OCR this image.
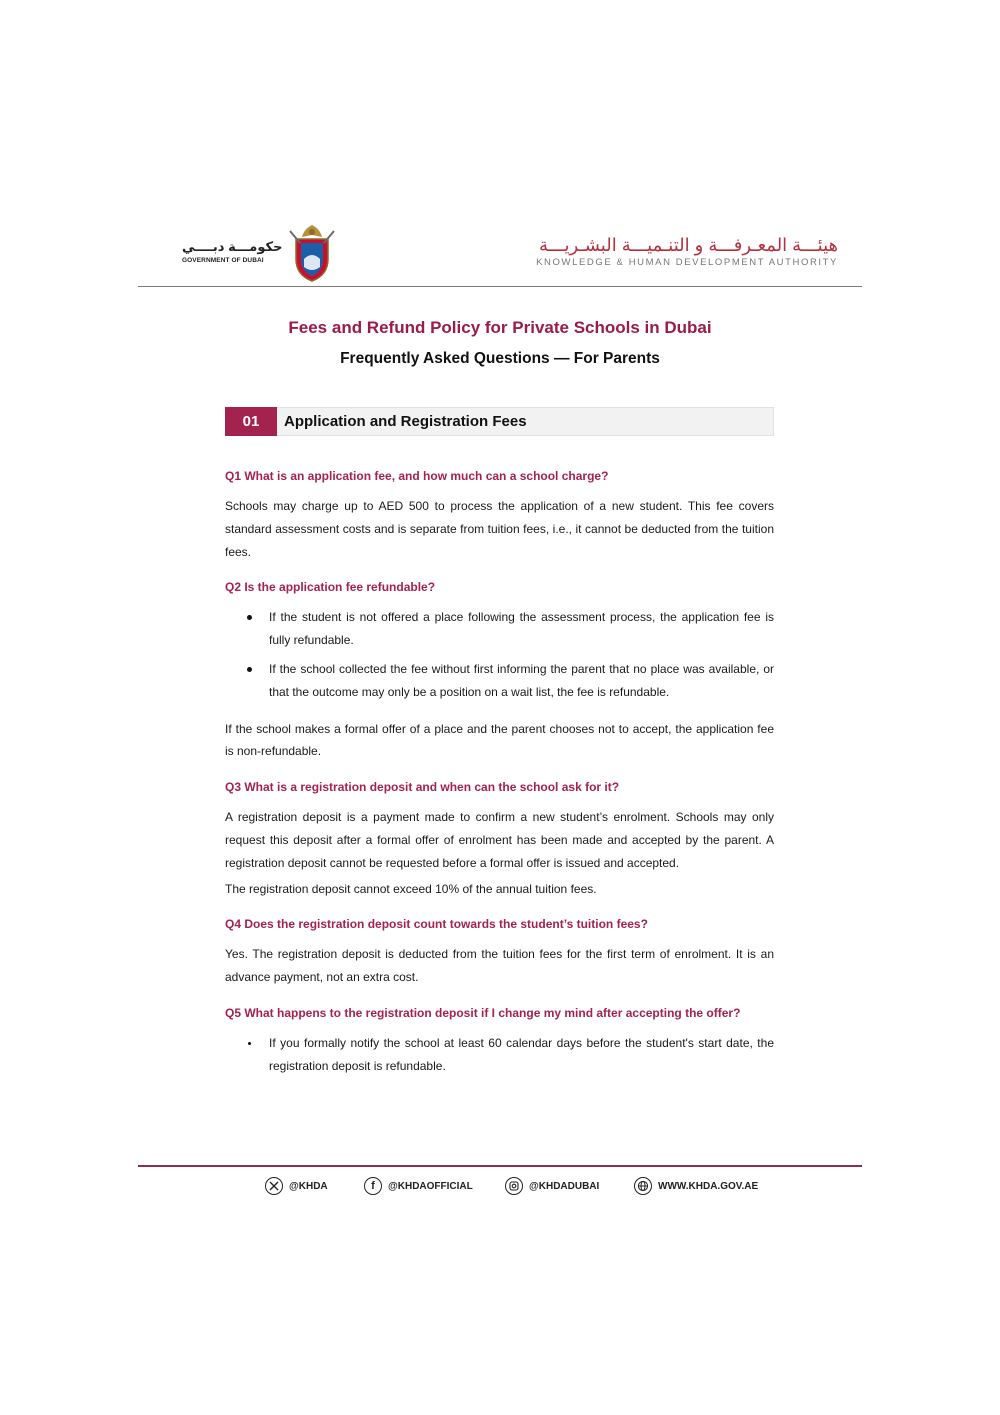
حكومـــة دبــــي
GOVERNMENT OF DUBAI
هيئـــة المعـرفـــة و التنـميـــة البشـريـــة
KNOWLEDGE & HUMAN DEVELOPMENT AUTHORITY
Fees and Refund Policy for Private Schools in Dubai
Frequently Asked Questions — For Parents
01	Application and Registration Fees
Q1 What is an application fee, and how much can a school charge?
Schools may charge up to AED 500 to process the application of a new student. This fee covers standard assessment costs and is separate from tuition fees, i.e., it cannot be deducted from the tuition fees.
Q2 Is the application fee refundable?
If the student is not offered a place following the assessment process, the application fee is fully refundable.
If the school collected the fee without first informing the parent that no place was available, or that the outcome may only be a position on a wait list, the fee is refundable.
If the school makes a formal offer of a place and the parent chooses not to accept, the application fee is non-refundable.
Q3 What is a registration deposit and when can the school ask for it?
A registration deposit is a payment made to confirm a new student’s enrolment. Schools may only request this deposit after a formal offer of enrolment has been made and accepted by the parent. A registration deposit cannot be requested before a formal offer is issued and accepted.
The registration deposit cannot exceed 10% of the annual tuition fees.
Q4 Does the registration deposit count towards the student’s tuition fees?
Yes. The registration deposit is deducted from the tuition fees for the first term of enrolment. It is an advance payment, not an extra cost.
Q5 What happens to the registration deposit if I change my mind after accepting the offer?
If you formally notify the school at least 60 calendar days before the student's start date, the registration deposit is refundable.
@KHDA	f	@KHDAOFFICIAL	@KHDADUBAI	WWW.KHDA.GOV.AE
